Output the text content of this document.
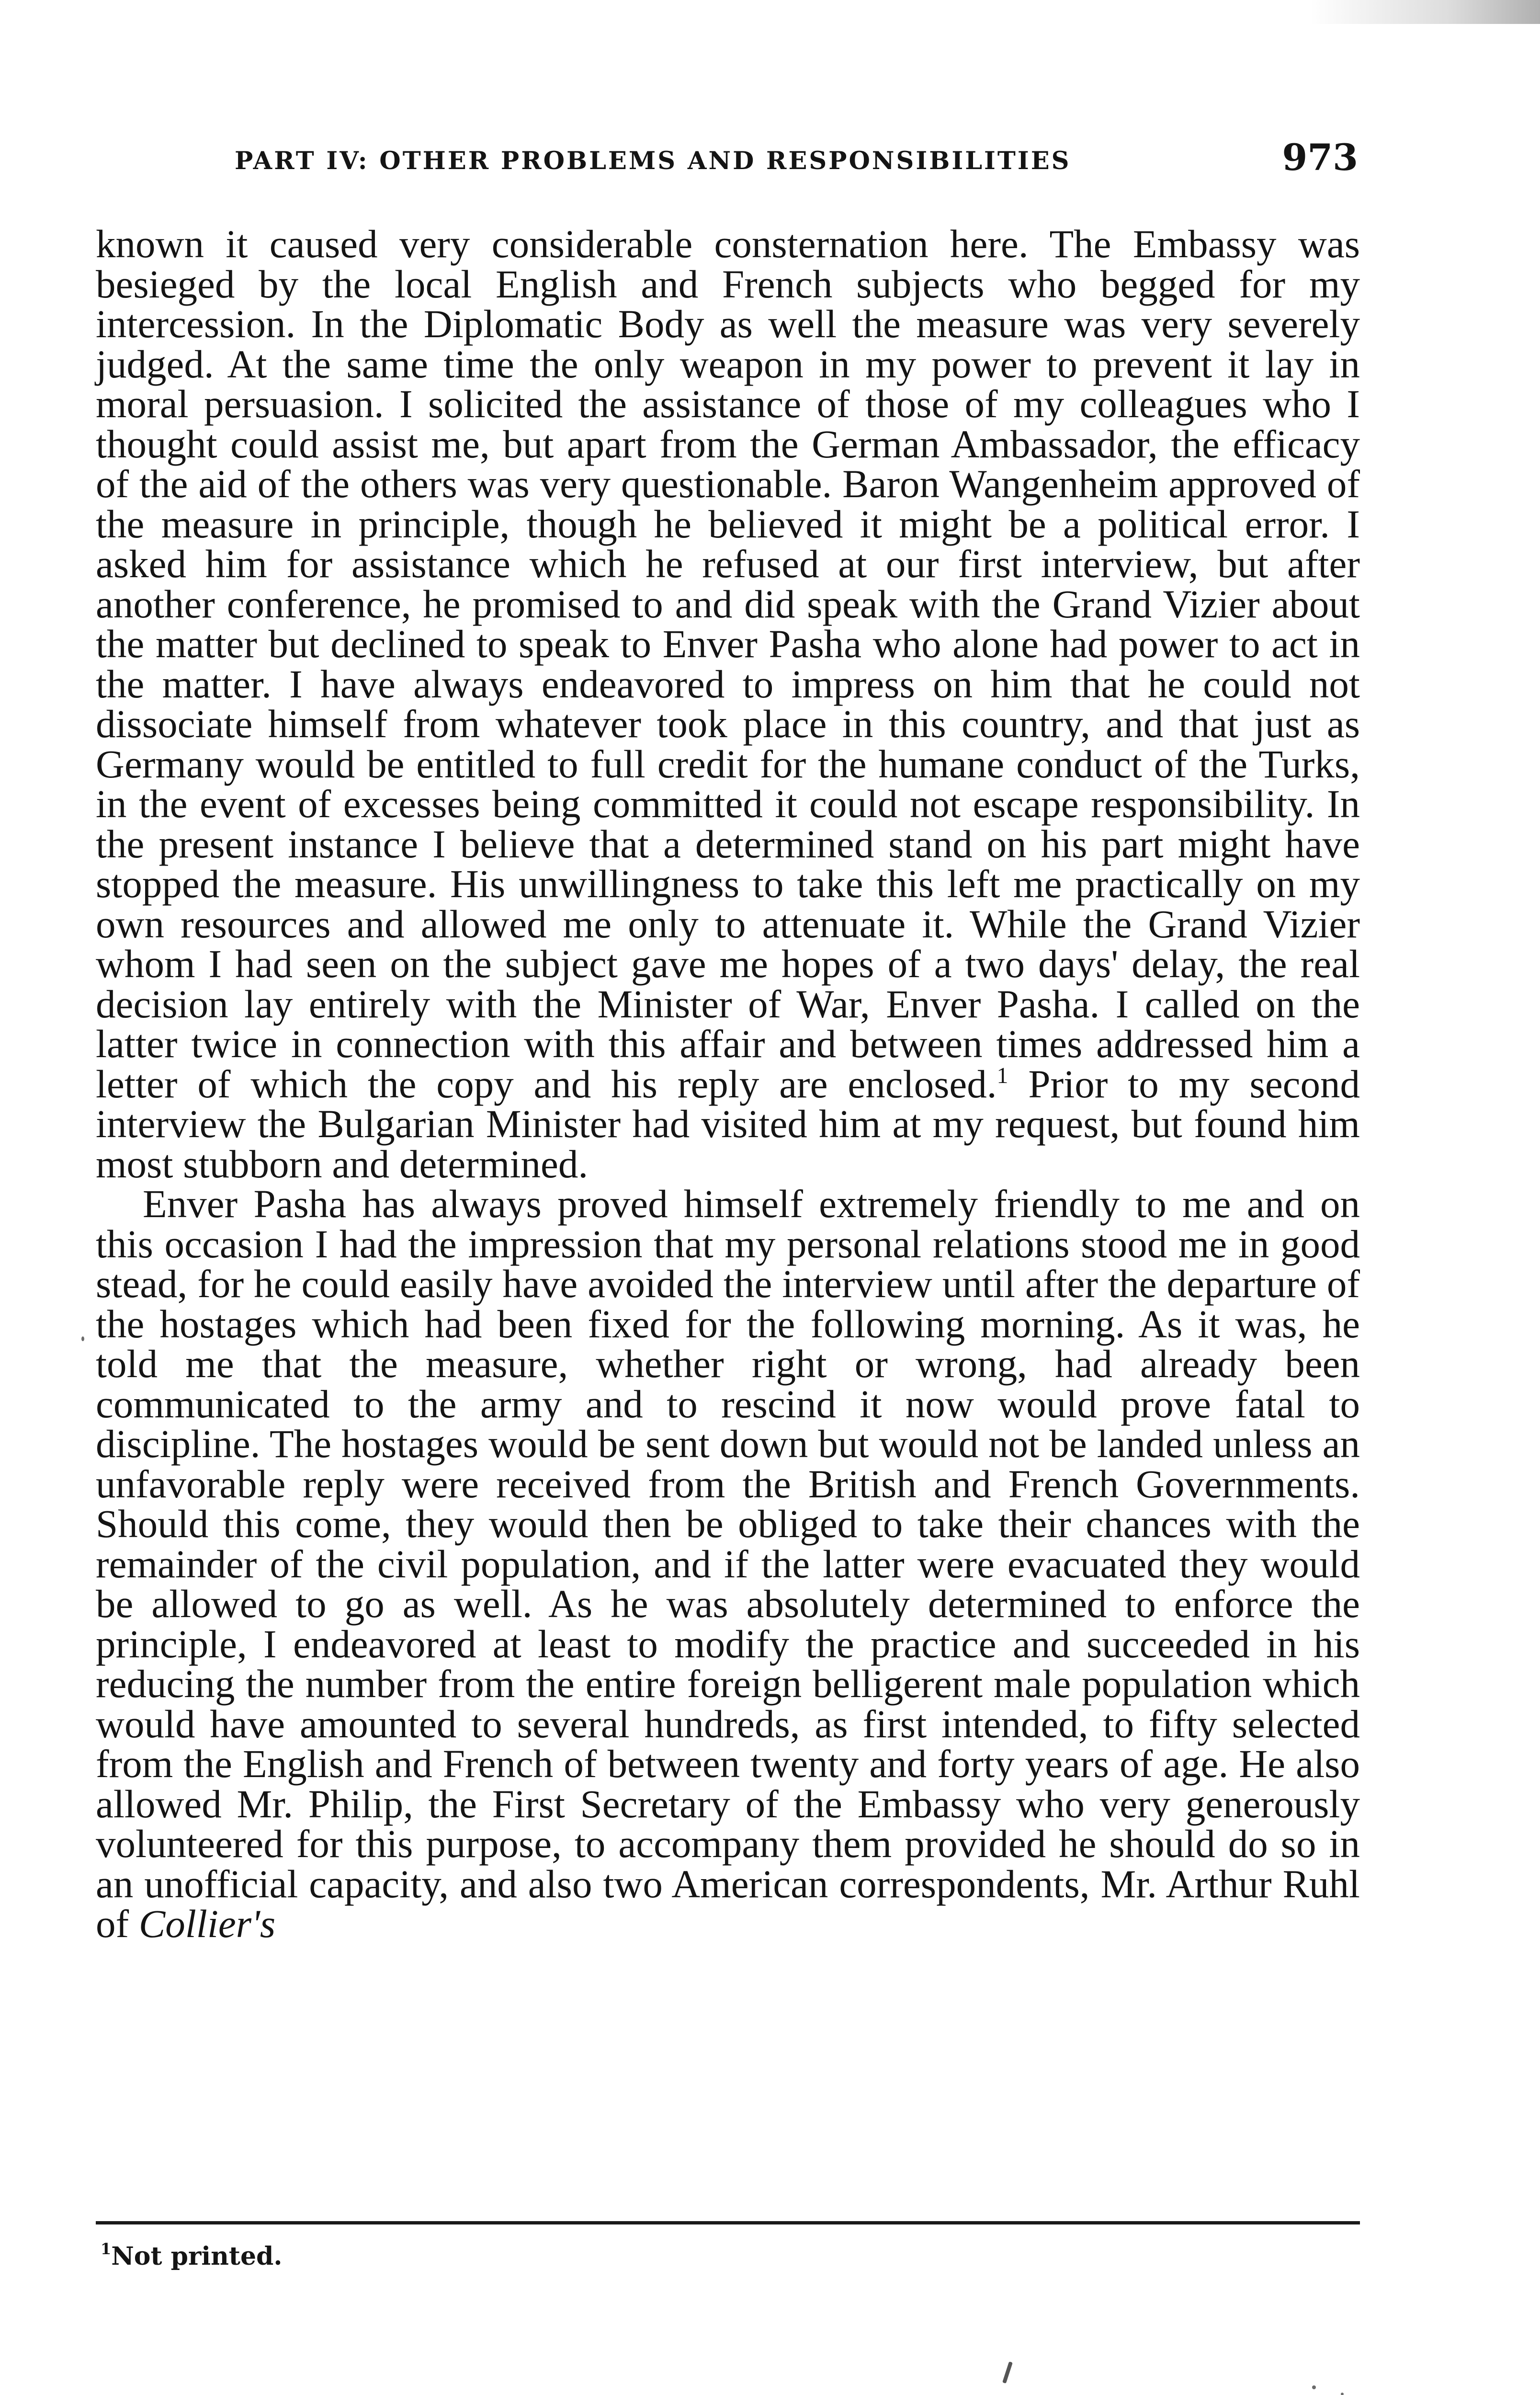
PART IV: OTHER PROBLEMS AND RESPONSIBILITIES	973

known it caused very considerable consternation here. The Embassy was besieged by the local English and French subjects who begged for my intercession. In the Diplomatic Body as well the measure was very severely judged. At the same time the only weapon in my power to prevent it lay in moral persuasion. I solicited the assistance of those of my colleagues who I thought could assist me, but apart from the German Ambassador, the efficacy of the aid of the others was very questionable. Baron Wangenheim approved of the measure in principle, though he believed it might be a political error. I asked him for assistance which he refused at our first interview, but after another conference, he promised to and did speak with the Grand Vizier about the matter but declined to speak to Enver Pasha who alone had power to act in the matter. I have always endeavored to impress on him that he could not dissociate himself from whatever took place in this country, and that just as Germany would be entitled to full credit for the humane conduct of the Turks, in the event of excesses being committed it could not escape responsibility. In the present instance I believe that a determined stand on his part might have stopped the measure. His unwillingness to take this left me practically on my own resources and allowed me only to attenuate it. While the Grand Vizier whom I had seen on the subject gave me hopes of a two days' delay, the real decision lay entirely with the Minister of War, Enver Pasha. I called on the latter twice in connection with this affair and between times addressed him a letter of which the copy and his reply are enclosed.$^1$ Prior to my second interview the Bulgarian Minister had visited him at my request, but found him most stubborn and determined.

Enver Pasha has always proved himself extremely friendly to me and on this occasion I had the impression that my personal relations stood me in good stead, for he could easily have avoided the interview until after the departure of the hostages which had been fixed for the following morning. As it was, he told me that the measure, whether right or wrong, had already been communicated to the army and to rescind it now would prove fatal to discipline. The hostages would be sent down but would not be landed unless an unfavorable reply were received from the British and French Governments. Should this come, they would then be obliged to take their chances with the remainder of the civil population, and if the latter were evacuated they would be allowed to go as well. As he was absolutely determined to enforce the principle, I endeavored at least to modify the practice and succeeded in his reducing the number from the entire foreign belligerent male population which would have amounted to several hundreds, as first intended, to fifty selected from the English and French of between twenty and forty years of age. He also allowed Mr. Philip, the First Secretary of the Embassy who very generously volunteered for this purpose, to accompany them provided he should do so in an unofficial capacity, and also two American correspondents, Mr. Arthur Ruhl of Collier's

$^1$Not printed.
